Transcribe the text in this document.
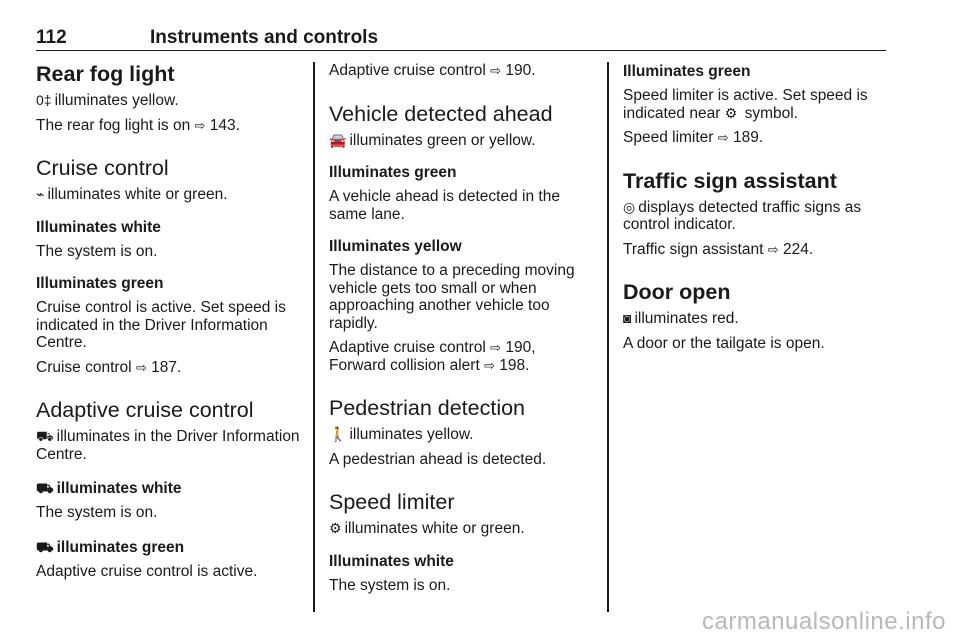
112	Instruments and controls
Rear fog light
0‡ illuminates yellow.
The rear fog light is on ⇨ 143.
Cruise control
⌁ illuminates white or green.
Illuminates white
The system is on.
Illuminates green
Cruise control is active. Set speed is indicated in the Driver Information Centre.
Cruise control ⇨ 187.
Adaptive cruise control
⛟ illuminates in the Driver Information Centre.
⛟ illuminates white
The system is on.
⛟ illuminates green
Adaptive cruise control is active.
Adaptive cruise control ⇨ 190.
Vehicle detected ahead
🚘 illuminates green or yellow.
Illuminates green
A vehicle ahead is detected in the same lane.
Illuminates yellow
The distance to a preceding moving vehicle gets too small or when approaching another vehicle too rapidly.
Adaptive cruise control ⇨ 190,
Forward collision alert ⇨ 198.
Pedestrian detection
🚶 illuminates yellow.
A pedestrian ahead is detected.
Speed limiter
⚙ illuminates white or green.
Illuminates white
The system is on.
Illuminates green
Speed limiter is active. Set speed is indicated near ⚙ symbol.
Speed limiter ⇨ 189.
Traffic sign assistant
◎ displays detected traffic signs as control indicator.
Traffic sign assistant ⇨ 224.
Door open
◙ illuminates red.
A door or the tailgate is open.
carmanualsonline.info
